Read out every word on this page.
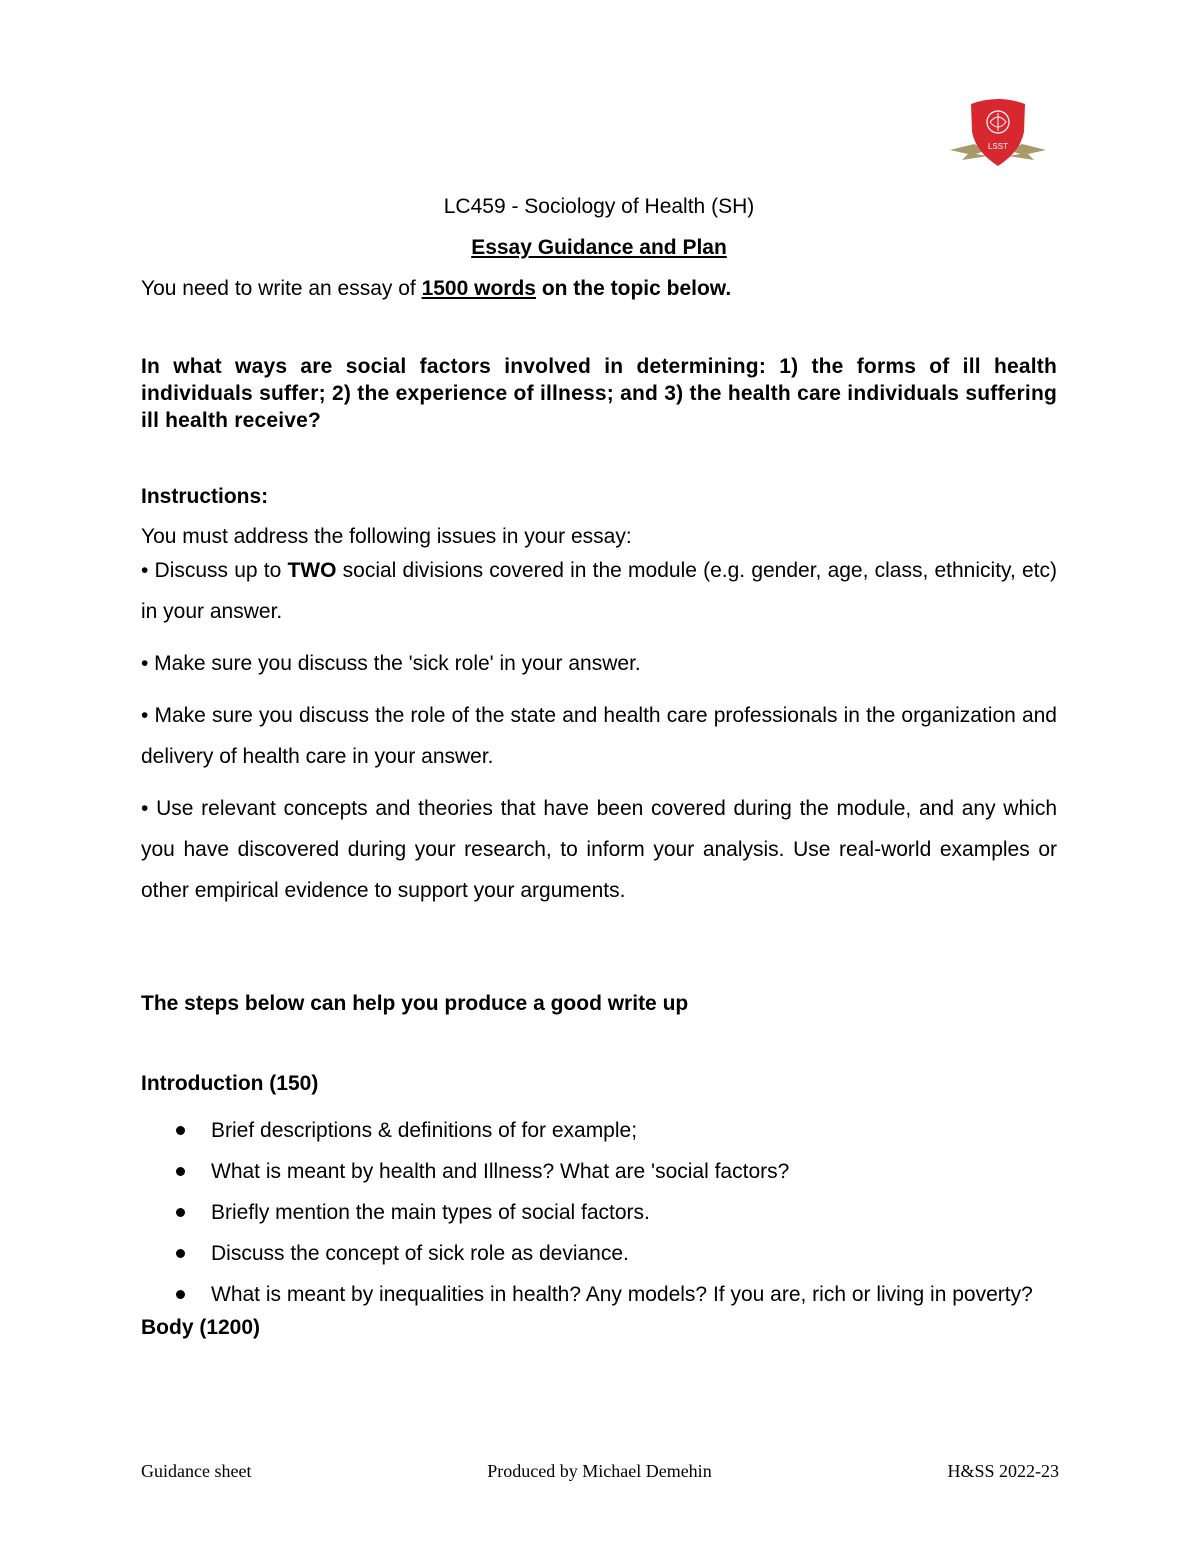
LSST
LC459 - Sociology of Health (SH)
Essay Guidance and Plan
You need to write an essay of 1500 words on the topic below.
In what ways are social factors involved in determining: 1) the forms of ill health individuals suffer; 2) the experience of illness; and 3) the health care individuals suffering ill health receive?
Instructions:
You must address the following issues in your essay:
• Discuss up to TWO social divisions covered in the module (e.g. gender, age, class, ethnicity, etc) in your answer.
• Make sure you discuss the 'sick role' in your answer.
• Make sure you discuss the role of the state and health care professionals in the organization and delivery of health care in your answer.
• Use relevant concepts and theories that have been covered during the module, and any which you have discovered during your research, to inform your analysis. Use real-world examples or other empirical evidence to support your arguments.
The steps below can help you produce a good write up
Introduction (150)
Brief descriptions & definitions of for example;
What is meant by health and Illness? What are 'social factors?
Briefly mention the main types of social factors.
Discuss the concept of sick role as deviance.
What is meant by inequalities in health? Any models? If you are, rich or living in poverty?
Body (1200)
Guidance sheet	Produced by Michael Demehin	H&SS 2022-23
